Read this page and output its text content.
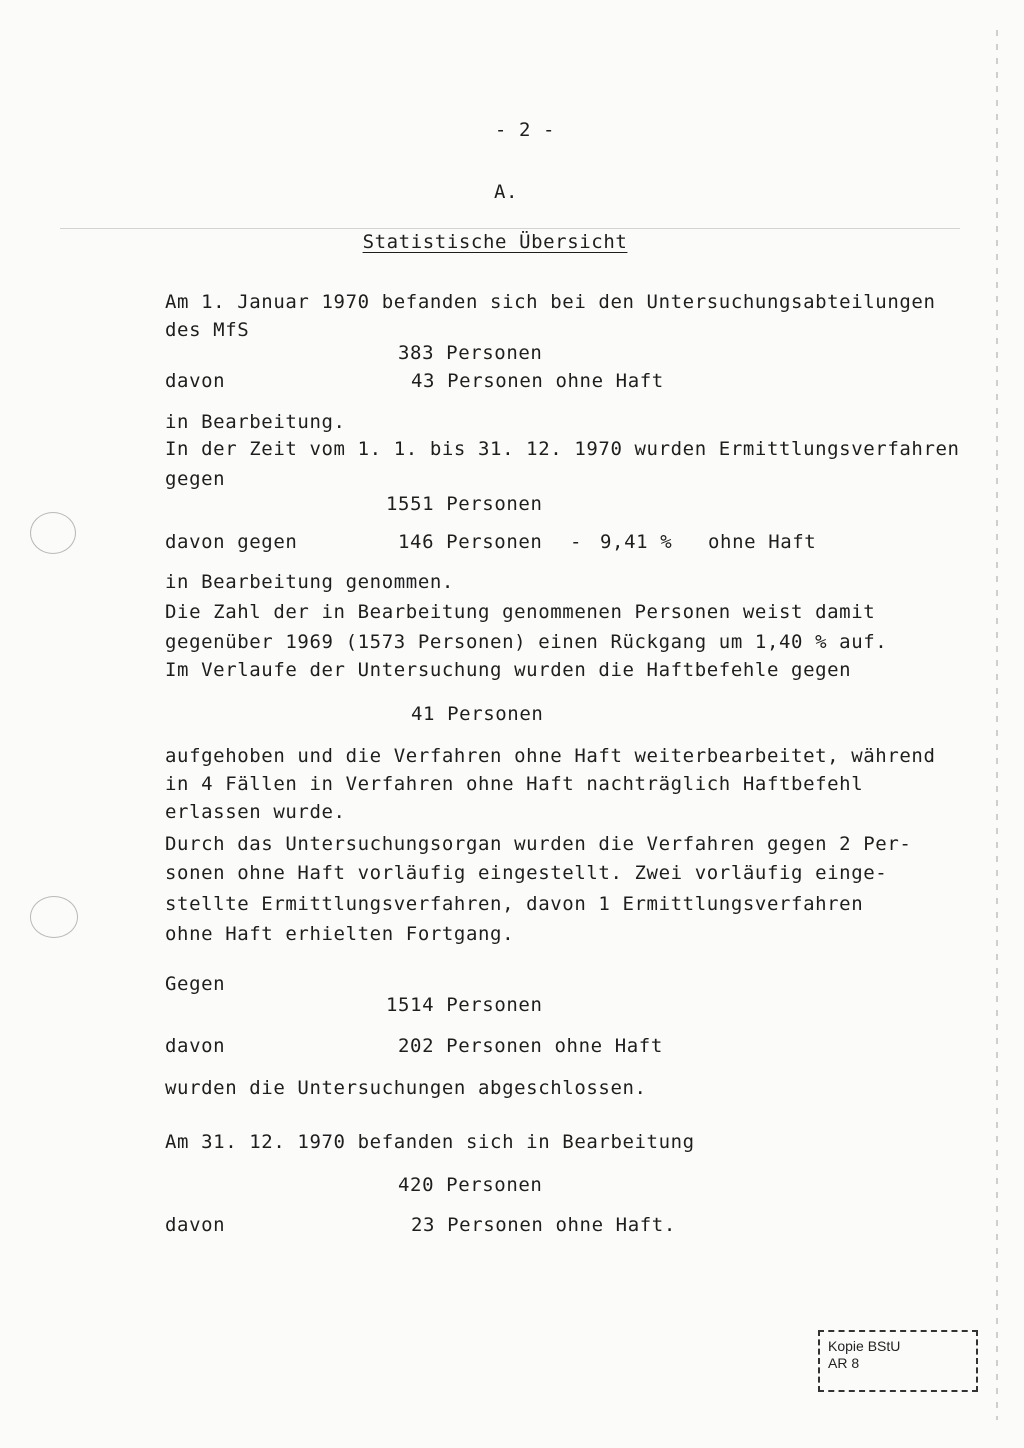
- 2 -
A.
Statistische Übersicht
Am 1. Januar 1970 befanden sich bei den Untersuchungsabteilungen
des MfS
383 Personen
davon	43 Personen ohne Haft
in Bearbeitung.
In der Zeit vom 1. 1. bis 31. 12. 1970 wurden Ermittlungsverfahren
gegen
1551 Personen
davon gegen	146 Personen - 9,41 % ohne Haft
in Bearbeitung genommen.
Die Zahl der in Bearbeitung genommenen Personen weist damit
gegenüber 1969 (1573 Personen) einen Rückgang um 1,40 % auf.
Im Verlaufe der Untersuchung wurden die Haftbefehle gegen
41 Personen
aufgehoben und die Verfahren ohne Haft weiterbearbeitet, während
in 4 Fällen in Verfahren ohne Haft nachträglich Haftbefehl
erlassen wurde.
Durch das Untersuchungsorgan wurden die Verfahren gegen 2 Per-
sonen ohne Haft vorläufig eingestellt. Zwei vorläufig einge-
stellte Ermittlungsverfahren, davon 1 Ermittlungsverfahren
ohne Haft erhielten Fortgang.
Gegen
1514 Personen
davon	202 Personen ohne Haft
wurden die Untersuchungen abgeschlossen.
Am 31. 12. 1970 befanden sich in Bearbeitung
420 Personen
davon	23 Personen ohne Haft.
Kopie BStU
AR 8
